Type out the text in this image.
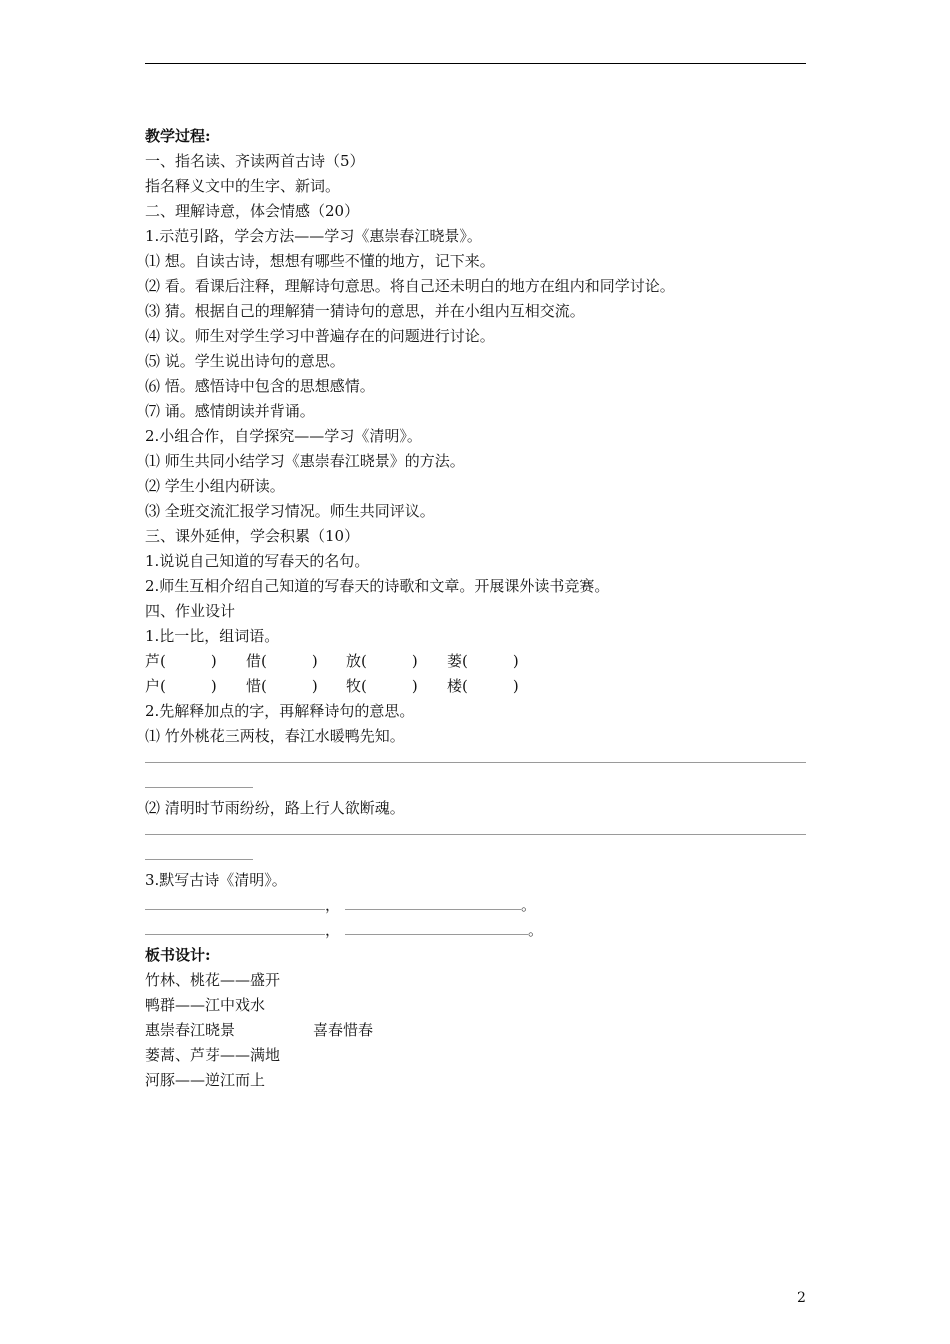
教学过程:
一、指名读、齐读两首古诗（5）
指名释义文中的生字、新词。
二、理解诗意，体会情感（20）
1.示范引路，学会方法——学习《惠崇春江晓景》。
⑴ 想。自读古诗，想想有哪些不懂的地方，记下来。
⑵ 看。看课后注释，理解诗句意思。将自己还未明白的地方在组内和同学讨论。
⑶ 猜。根据自己的理解猜一猜诗句的意思，并在小组内互相交流。
⑷ 议。师生对学生学习中普遍存在的问题进行讨论。
⑸ 说。学生说出诗句的意思。
⑹ 悟。感悟诗中包含的思想感情。
⑺ 诵。感情朗读并背诵。
2.小组合作，自学探究——学习《清明》。
⑴ 师生共同小结学习《惠崇春江晓景》的方法。
⑵ 学生小组内研读。
⑶ 全班交流汇报学习情况。师生共同评议。
三、课外延伸，学会积累（10）
1.说说自己知道的写春天的名句。
2.师生互相介绍自己知道的写春天的诗歌和文章。开展课外读书竞赛。
四、作业设计
1.比一比，组词语。
芦(　　　)	借(　　　)	放(　　　)	蒌(　　　)
户(　　　)	惜(　　　)	牧(　　　)	楼(　　　)
2.先解释加点的字，再解释诗句的意思。
⑴ 竹外桃花三两枝，春江水暖鸭先知。
⑵ 清明时节雨纷纷，路上行人欲断魂。
3.默写古诗《清明》。
，	。
，	。
板书设计:
竹林、桃花——盛开
鸭群——江中戏水
惠崇春江晓景	喜春惜春
蒌蒿、芦芽——满地
河豚——逆江而上
2
